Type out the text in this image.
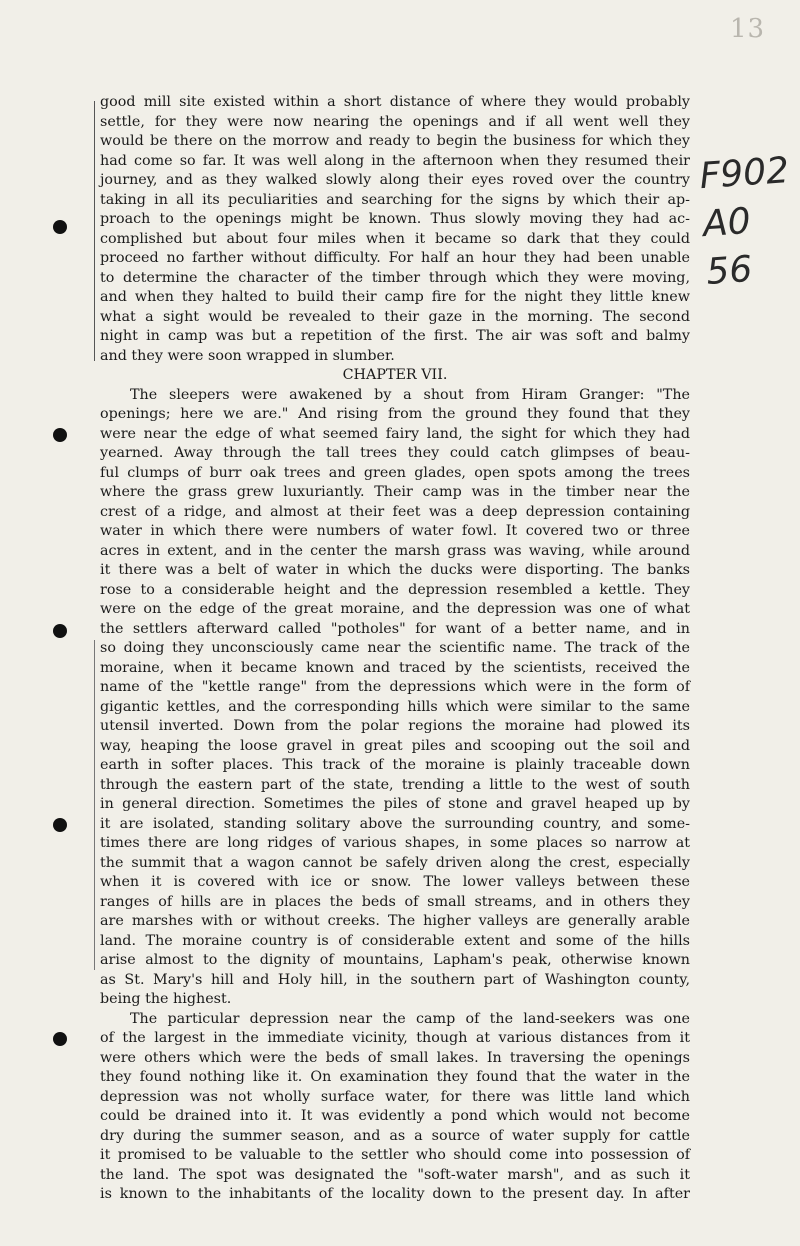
13
F902
A0
56
good mill site existed within a short distance of where they would probably
settle, for they were now nearing the openings and if all went well they
would be there on the morrow and ready to begin the business for which they
had come so far. It was well along in the afternoon when they resumed their
journey, and as they walked slowly along their eyes roved over the country
taking in all its peculiarities and searching for the signs by which their ap-
proach to the openings might be known. Thus slowly moving they had ac-
complished but about four miles when it became so dark that they could
proceed no farther without difficulty. For half an hour they had been unable
to determine the character of the timber through which they were moving,
and when they halted to build their camp fire for the night they little knew
what a sight would be revealed to their gaze in the morning. The second
night in camp was but a repetition of the first. The air was soft and balmy
and they were soon wrapped in slumber.
CHAPTER VII.
The sleepers were awakened by a shout from Hiram Granger: "The
openings; here we are." And rising from the ground they found that they
were near the edge of what seemed fairy land, the sight for which they had
yearned. Away through the tall trees they could catch glimpses of beau-
ful clumps of burr oak trees and green glades, open spots among the trees
where the grass grew luxuriantly. Their camp was in the timber near the
crest of a ridge, and almost at their feet was a deep depression containing
water in which there were numbers of water fowl. It covered two or three
acres in extent, and in the center the marsh grass was waving, while around
it there was a belt of water in which the ducks were disporting. The banks
rose to a considerable height and the depression resembled a kettle. They
were on the edge of the great moraine, and the depression was one of what
the settlers afterward called "potholes" for want of a better name, and in
so doing they unconsciously came near the scientific name. The track of the
moraine, when it became known and traced by the scientists, received the
name of the "kettle range" from the depressions which were in the form of
gigantic kettles, and the corresponding hills which were similar to the same
utensil inverted. Down from the polar regions the moraine had plowed its
way, heaping the loose gravel in great piles and scooping out the soil and
earth in softer places. This track of the moraine is plainly traceable down
through the eastern part of the state, trending a little to the west of south
in general direction. Sometimes the piles of stone and gravel heaped up by
it are isolated, standing solitary above the surrounding country, and some-
times there are long ridges of various shapes, in some places so narrow at
the summit that a wagon cannot be safely driven along the crest, especially
when it is covered with ice or snow. The lower valleys between these
ranges of hills are in places the beds of small streams, and in others they
are marshes with or without creeks. The higher valleys are generally arable
land. The moraine country is of considerable extent and some of the hills
arise almost to the dignity of mountains, Lapham's peak, otherwise known
as St. Mary's hill and Holy hill, in the southern part of Washington county,
being the highest.
The particular depression near the camp of the land-seekers was one
of the largest in the immediate vicinity, though at various distances from it
were others which were the beds of small lakes. In traversing the openings
they found nothing like it. On examination they found that the water in the
depression was not wholly surface water, for there was little land which
could be drained into it. It was evidently a pond which would not become
dry during the summer season, and as a source of water supply for cattle
it promised to be valuable to the settler who should come into possession of
the land. The spot was designated the "soft-water marsh", and as such it
is known to the inhabitants of the locality down to the present day. In after
